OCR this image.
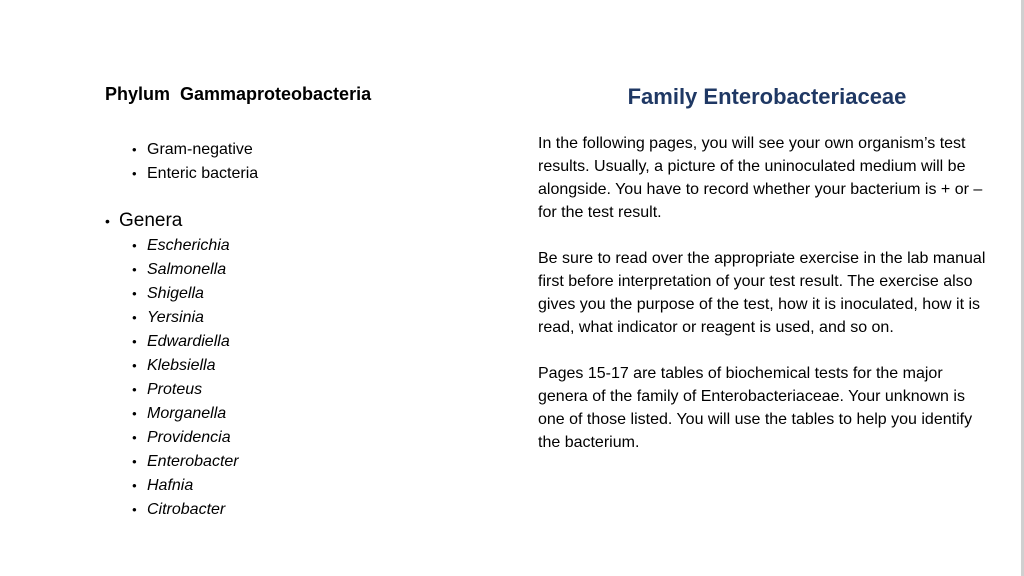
Phylum  Gammaproteobacteria

• Gram-negative
• Enteric bacteria
• Genera
• Escherichia
• Salmonella
• Shigella
• Yersinia
• Edwardiella
• Klebsiella
• Proteus
• Morganella
• Providencia
• Enterobacter
• Hafnia
• Citrobacter
Family Enterobacteriaceae

In the following pages, you will see your own organism’s test results. Usually, a picture of the uninoculated medium will be alongside. You have to record whether your bacterium is + or – for the test result.

Be sure to read over the appropriate exercise in the lab manual first before interpretation of your test result. The exercise also gives you the purpose of the test, how it is inoculated, how it is read, what indicator or reagent is used, and so on.

Pages 15-17 are tables of biochemical tests for the major genera of the family of Enterobacteriaceae. Your unknown is one of those listed. You will use the tables to help you identify the bacterium.
